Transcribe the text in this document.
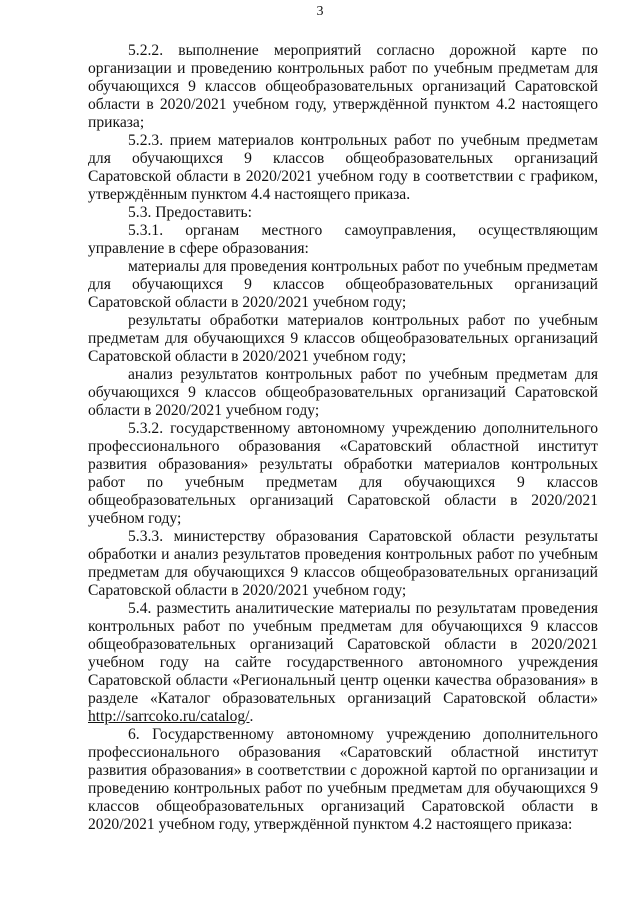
3

5.2.2. выполнение мероприятий согласно дорожной карте по организации и проведению контрольных работ по учебным предметам для обучающихся 9 классов общеобразовательных организаций Саратовской области в 2020/2021 учебном году, утверждённой пунктом 4.2 настоящего приказа;

5.2.3. прием материалов контрольных работ по учебным предметам для обучающихся 9 классов общеобразовательных организаций Саратовской области в 2020/2021 учебном году в соответствии с графиком, утверждённым пунктом 4.4 настоящего приказа.

5.3. Предоставить:

5.3.1. органам местного самоуправления, осуществляющим управление в сфере образования:

материалы для проведения контрольных работ по учебным предметам для обучающихся 9 классов общеобразовательных организаций Саратовской области в 2020/2021 учебном году;

результаты обработки материалов контрольных работ по учебным предметам для обучающихся 9 классов общеобразовательных организаций Саратовской области в 2020/2021 учебном году;

анализ результатов контрольных работ по учебным предметам для обучающихся 9 классов общеобразовательных организаций Саратовской области в 2020/2021 учебном году;

5.3.2. государственному автономному учреждению дополнительного профессионального образования «Саратовский областной институт развития образования» результаты обработки материалов контрольных работ по учебным предметам для обучающихся 9 классов общеобразовательных организаций Саратовской области в 2020/2021 учебном году;

5.3.3. министерству образования Саратовской области результаты обработки и анализ результатов проведения контрольных работ по учебным предметам для обучающихся 9 классов общеобразовательных организаций Саратовской области в 2020/2021 учебном году;

5.4. разместить аналитические материалы по результатам проведения контрольных работ по учебным предметам для обучающихся 9 классов общеобразовательных организаций Саратовской области в 2020/2021 учебном году на сайте государственного автономного учреждения Саратовской области «Региональный центр оценки качества образования» в разделе «Каталог образовательных организаций Саратовской области» http://sarrcoko.ru/catalog/.

6. Государственному автономному учреждению дополнительного профессионального образования «Саратовский областной институт развития образования» в соответствии с дорожной картой по организации и проведению контрольных работ по учебным предметам для обучающихся 9 классов общеобразовательных организаций Саратовской области в 2020/2021 учебном году, утверждённой пунктом 4.2 настоящего приказа:
